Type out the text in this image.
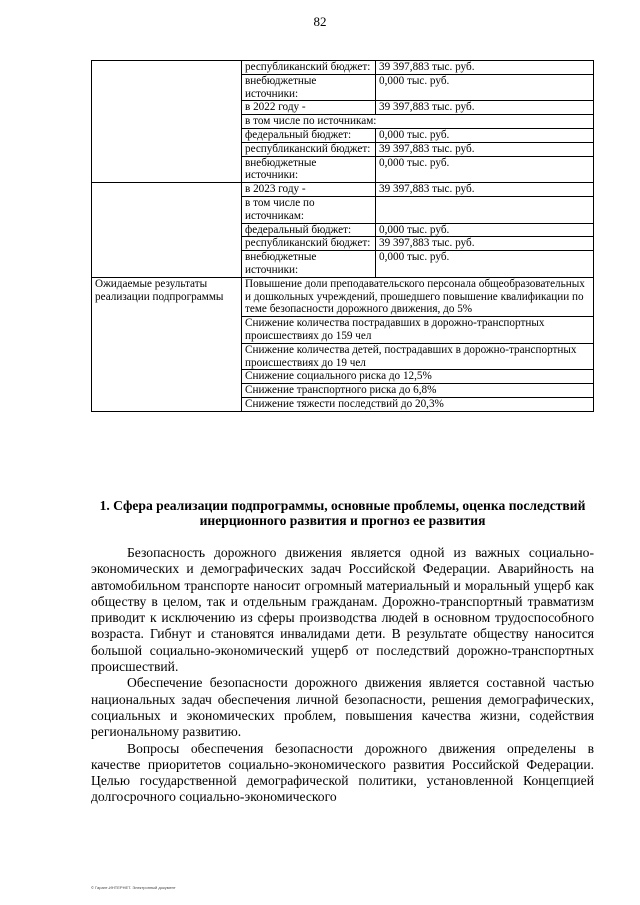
82
	республиканский бюджет:	39 397,883 тыс. руб.
	внебюджетные источники:	0,000 тыс. руб.
	в 2022 году -	39 397,883 тыс. руб.
	в том числе по источникам:	
	федеральный бюджет:	0,000 тыс. руб.
	республиканский бюджет:	39 397,883 тыс. руб.
	внебюджетные источники:	0,000 тыс. руб.
	в 2023 году -	39 397,883 тыс. руб.
	в том числе по источникам:	
	федеральный бюджет:	0,000 тыс. руб.
	республиканский бюджет:	39 397,883 тыс. руб.
	внебюджетные источники:	0,000 тыс. руб.
Ожидаемые результаты реализации подпрограммы	Повышение доли преподавательского персонала общеобразовательных и дошкольных учреждений, прошедшего повышение квалификации по теме безопасности дорожного движения, до 5%	
	Снижение количества пострадавших в дорожно-транспортных происшествиях до 159 чел	
	Снижение количества детей, пострадавших в дорожно-транспортных происшествиях до 19 чел	
	Снижение социального риска до 12,5%	
	Снижение транспортного риска до 6,8%	
	Снижение тяжести последствий до 20,3%	
1. Сфера реализации подпрограммы, основные проблемы, оценка последствий инерционного развития и прогноз ее развития

Безопасность дорожного движения является одной из важных социально-экономических и демографических задач Российской Федерации. Аварийность на автомобильном транспорте наносит огромный материальный и моральный ущерб как обществу в целом, так и отдельным гражданам. Дорожно-транспортный травматизм приводит к исключению из сферы производства людей в основном трудоспособного возраста. Гибнут и становятся инвалидами дети. В результате обществу наносится большой социально-экономический ущерб от последствий дорожно-транспортных происшествий.

Обеспечение безопасности дорожного движения является составной частью национальных задач обеспечения личной безопасности, решения демографических, социальных и экономических проблем, повышения качества жизни, содействия региональному развитию.

Вопросы обеспечения безопасности дорожного движения определены в качестве приоритетов социально-экономического развития Российской Федерации. Целью государственной демографической политики, установленной Концепцией долгосрочного социально-экономического

© Гарант-ИНТЕРНЕТ. Электронный документ
